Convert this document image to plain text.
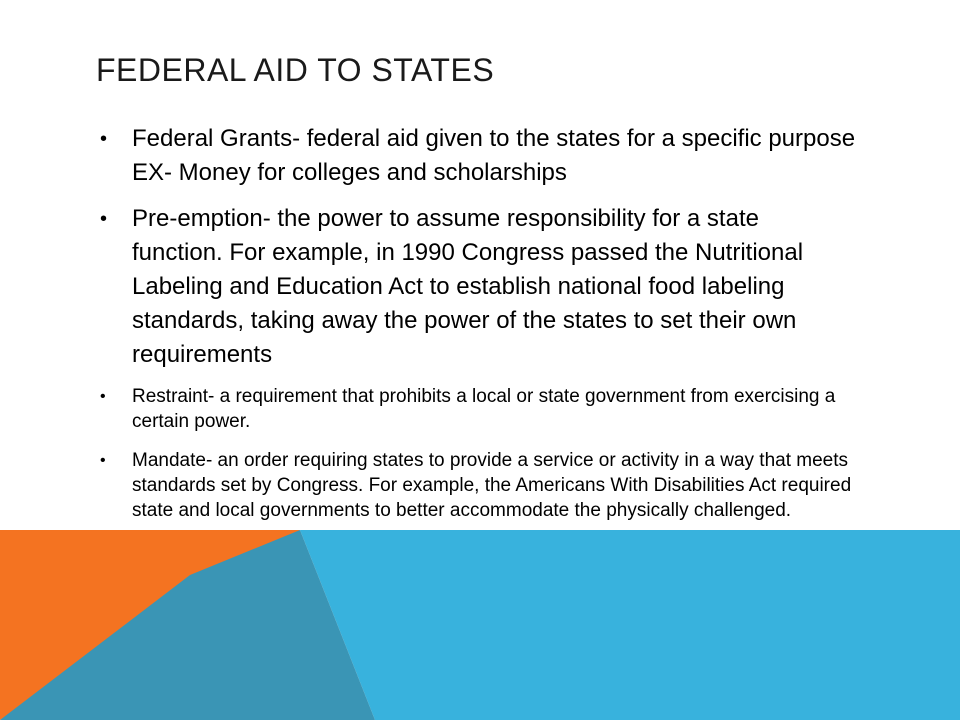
FEDERAL AID TO STATES
• Federal Grants- federal aid given to the states for a specific purpose EX- Money for colleges and scholarships
• Pre-emption- the power to assume responsibility for a state function. For example, in 1990 Congress passed the Nutritional Labeling and Education Act to establish national food labeling standards, taking away the power of the states to set their own requirements
• Restraint- a requirement that prohibits a local or state government from exercising a certain power.
• Mandate- an order requiring states to provide a service or activity in a way that meets standards set by Congress. For example, the Americans With Disabilities Act required state and local governments to better accommodate the physically challenged.
